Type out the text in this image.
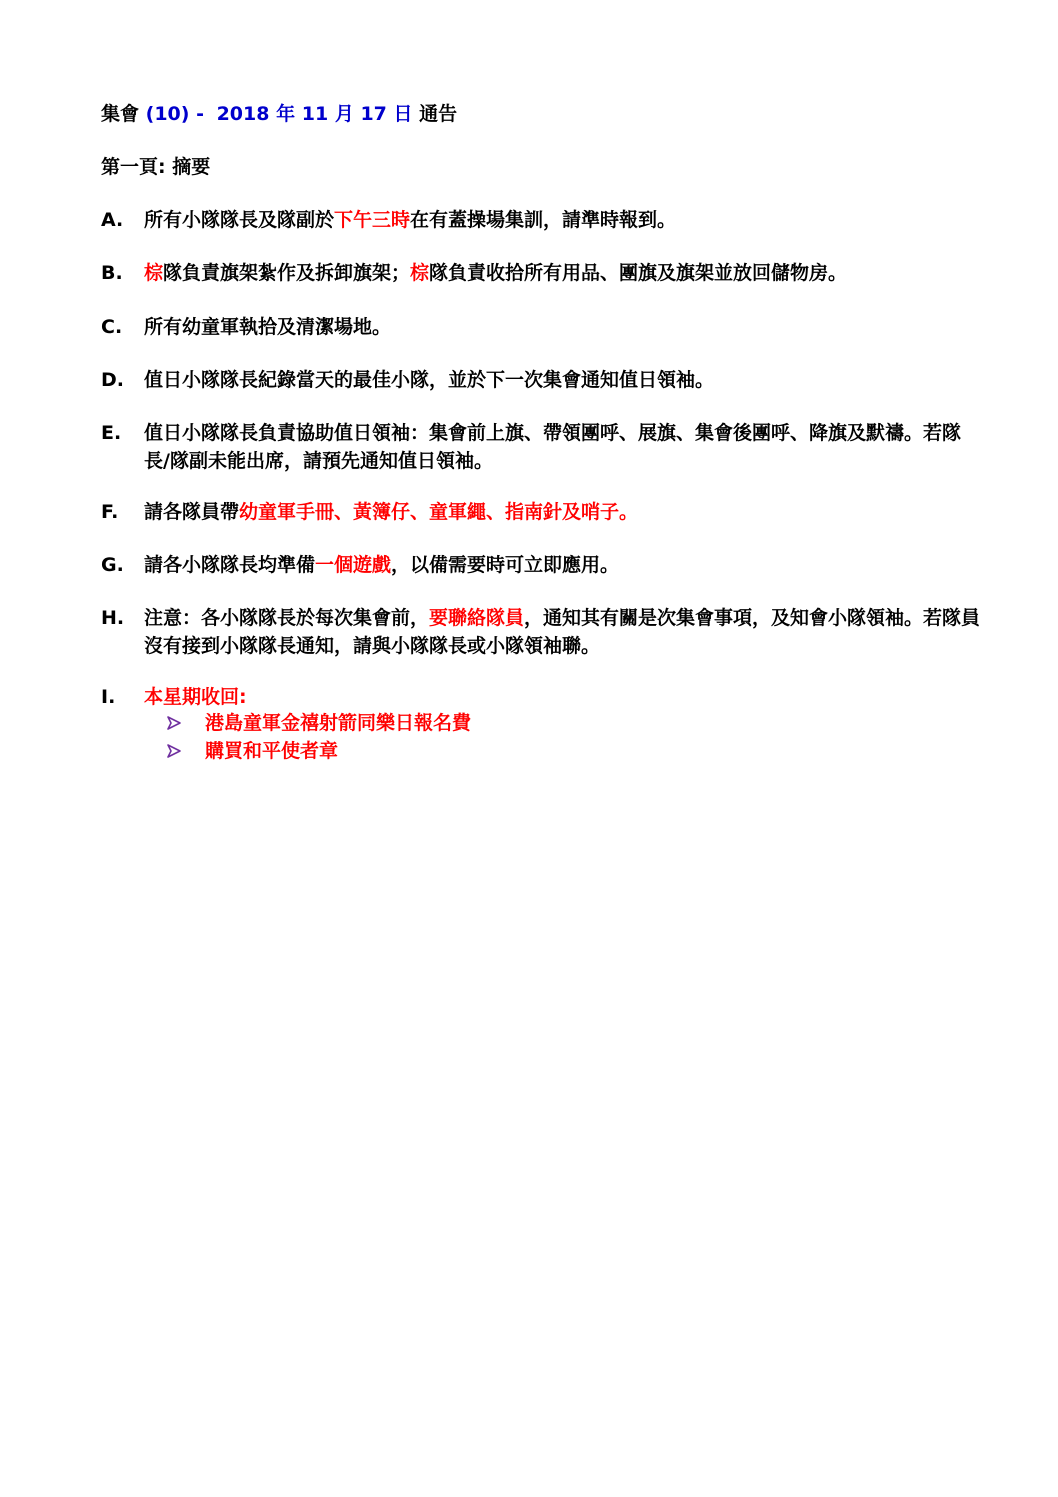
集會 (10) - 2018 年 11 月 17 日 通告
第一頁: 摘要
A. 所有小隊隊長及隊副於下午三時在有蓋操場集訓，請準時報到。
B. 棕隊負責旗架紮作及拆卸旗架；棕隊負責收拾所有用品、團旗及旗架並放回儲物房。
C. 所有幼童軍執拾及清潔場地。
D. 值日小隊隊長紀錄當天的最佳小隊，並於下一次集會通知值日領袖。
E. 值日小隊隊長負責協助值日領袖：集會前上旗、帶領團呼、展旗、集會後團呼、降旗及默禱。若隊長/隊副未能出席，請預先通知值日領袖。
F. 請各隊員帶幼童軍手冊、黃簿仔、童軍繩、指南針及哨子。
G. 請各小隊隊長均準備一個遊戲，以備需要時可立即應用。
H. 注意：各小隊隊長於每次集會前，要聯絡隊員，通知其有關是次集會事項，及知會小隊領袖。若隊員沒有接到小隊隊長通知，請與小隊隊長或小隊領袖聯。
I. 本星期收回:
港島童軍金禧射箭同樂日報名費
購買和平使者章
